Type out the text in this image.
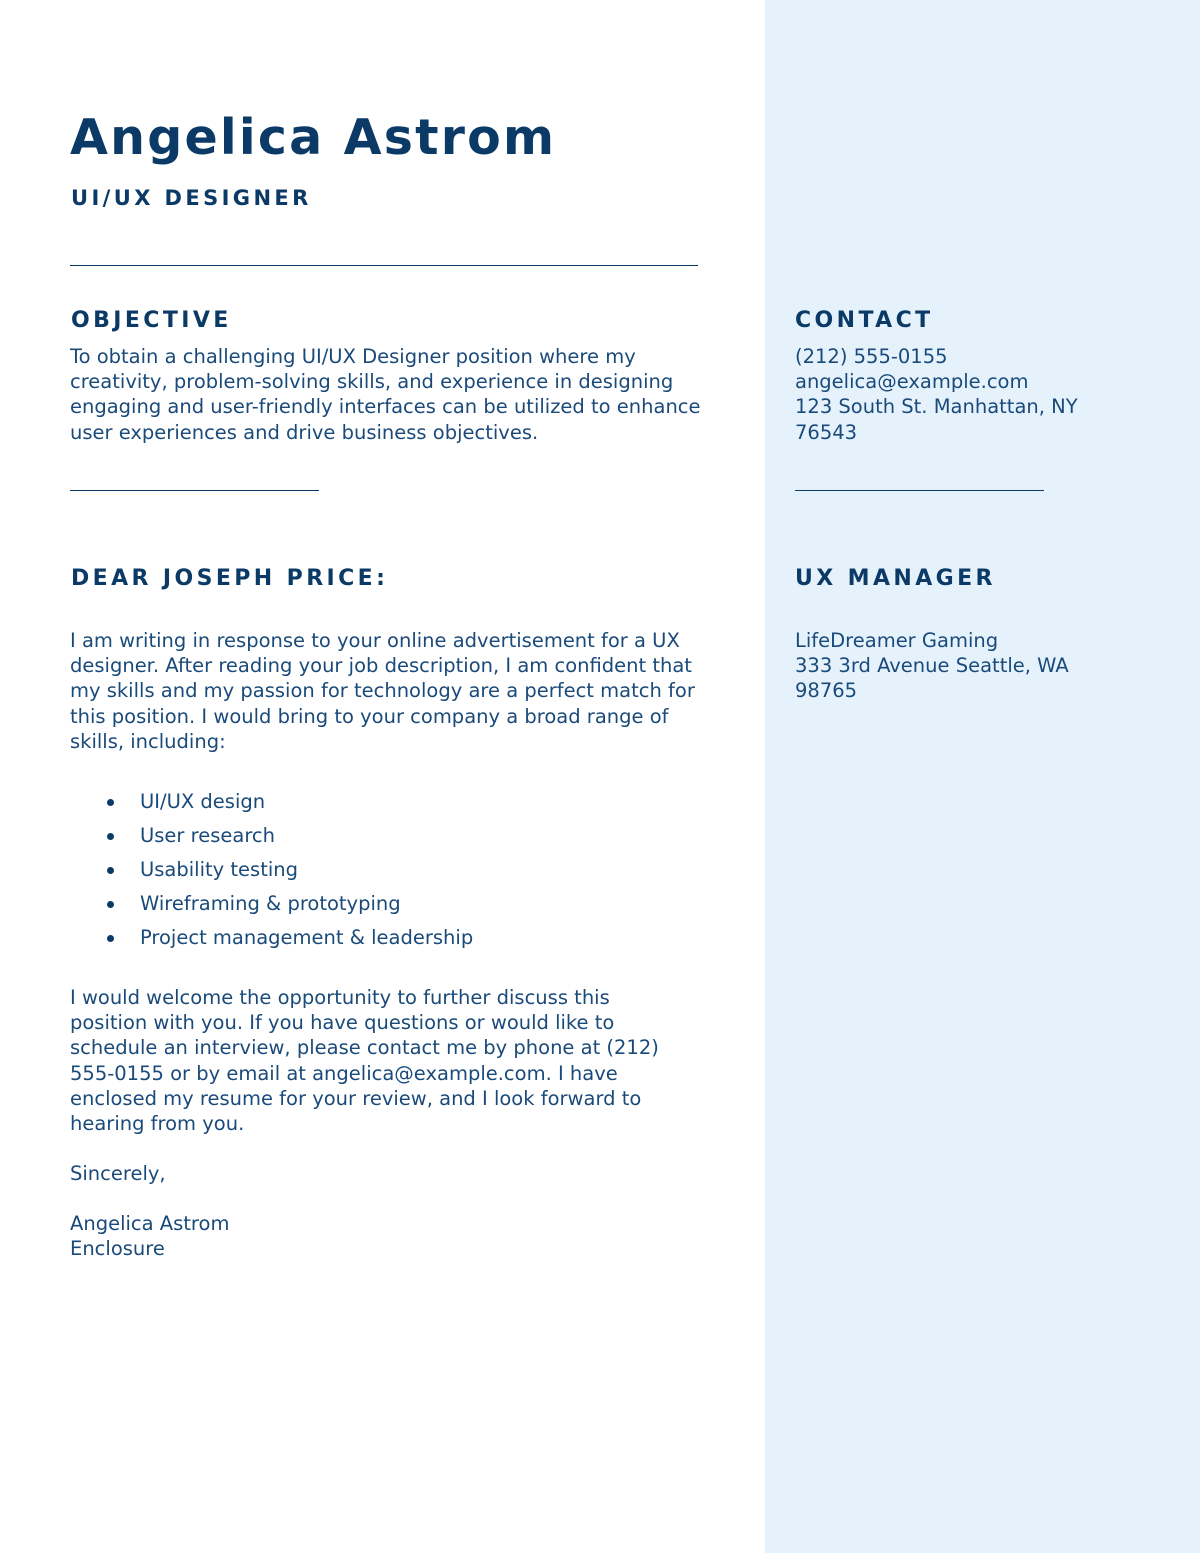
Angelica Astrom
UI/UX DESIGNER
OBJECTIVE

To obtain a challenging UI/UX Designer position where my creativity, problem-solving skills, and experience in designing engaging and user-friendly interfaces can be utilized to enhance user experiences and drive business objectives.

CONTACT
(212) 555-0155
angelica@example.com
123 South St. Manhattan, NY
76543
DEAR JOSEPH PRICE:	UX MANAGER

I am writing in response to your online advertisement for a UX designer. After reading your job description, I am confident that my skills and my passion for technology are a perfect match for this position. I would bring to your company a broad range of skills, including:

LifeDreamer Gaming
333 3rd Avenue Seattle, WA
98765
UI/UX design
User research
Usability testing
Wireframing & prototyping
Project management & leadership

I would welcome the opportunity to further discuss this position with you. If you have questions or would like to schedule an interview, please contact me by phone at (212) 555-0155 or by email at angelica@example.com. I have enclosed my resume for your review, and I look forward to hearing from you.

Sincerely,

Angelica Astrom
Enclosure
